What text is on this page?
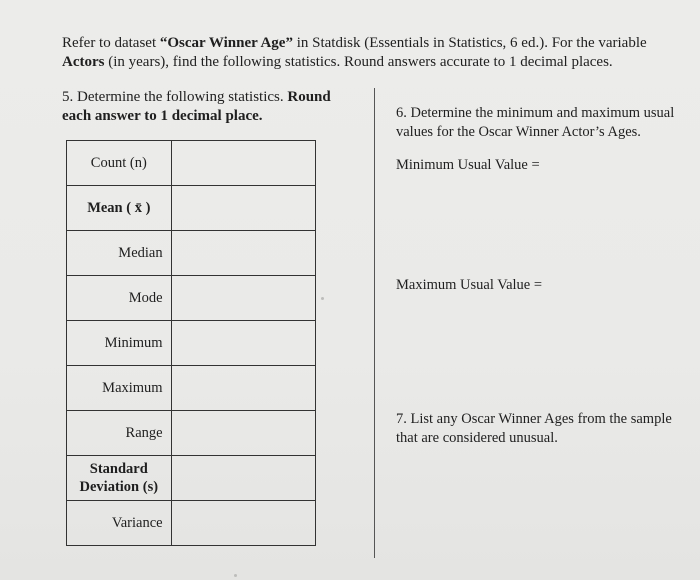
Refer to dataset “Oscar Winner Age” in Statdisk (Essentials in Statistics, 6 ed.). For the variable
Actors (in years), find the following statistics. Round answers accurate to 1 decimal places.
5. Determine the following statistics. Round each answer to 1 decimal place.
Count (n)	
Mean ( x̄ )	
Median	
Mode	
Minimum	
Maximum	
Range	
Standard Deviation (s)	
Variance	
6. Determine the minimum and maximum usual values for the Oscar Winner Actor’s Ages.
Minimum Usual Value =
Maximum Usual Value =
7. List any Oscar Winner Ages from the sample that are considered unusual.
